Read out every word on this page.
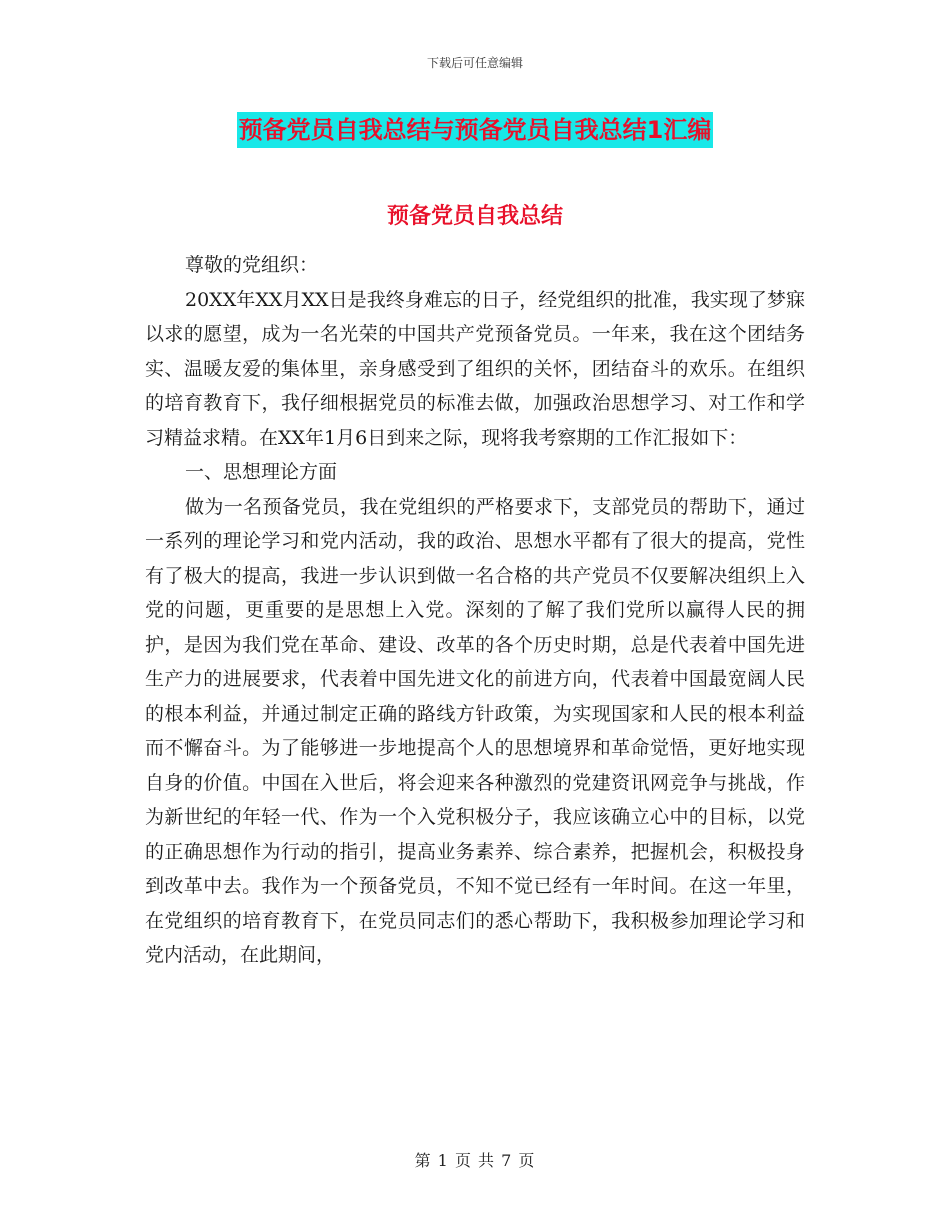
下载后可任意编辑
预备党员自我总结与预备党员自我总结1汇编
预备党员自我总结

尊敬的党组织：

20XX年XX月XX日是我终身难忘的日子，经党组织的批准，我实现了梦寐以求的愿望，成为一名光荣的中国共产党预备党员。一年来，我在这个团结务实、温暖友爱的集体里，亲身感受到了组织的关怀，团结奋斗的欢乐。在组织的培育教育下，我仔细根据党员的标准去做，加强政治思想学习、对工作和学习精益求精。在XX年1月6日到来之际，现将我考察期的工作汇报如下：

一、思想理论方面

做为一名预备党员，我在党组织的严格要求下，支部党员的帮助下，通过一系列的理论学习和党内活动，我的政治、思想水平都有了很大的提高，党性有了极大的提高，我进一步认识到做一名合格的共产党员不仅要解决组织上入党的问题，更重要的是思想上入党。深刻的了解了我们党所以赢得人民的拥护，是因为我们党在革命、建设、改革的各个历史时期，总是代表着中国先进生产力的进展要求，代表着中国先进文化的前进方向，代表着中国最宽阔人民的根本利益，并通过制定正确的路线方针政策，为实现国家和人民的根本利益而不懈奋斗。为了能够进一步地提高个人的思想境界和革命觉悟，更好地实现自身的价值。中国在入世后，将会迎来各种激烈的党建资讯网竞争与挑战，作为新世纪的年轻一代、作为一个入党积极分子，我应该确立心中的目标，以党的正确思想作为行动的指引，提高业务素养、综合素养，把握机会，积极投身到改革中去。我作为一个预备党员，不知不觉已经有一年时间。在这一年里，在党组织的培育教育下，在党员同志们的悉心帮助下，我积极参加理论学习和党内活动，在此期间，

第 1 页 共 7 页
